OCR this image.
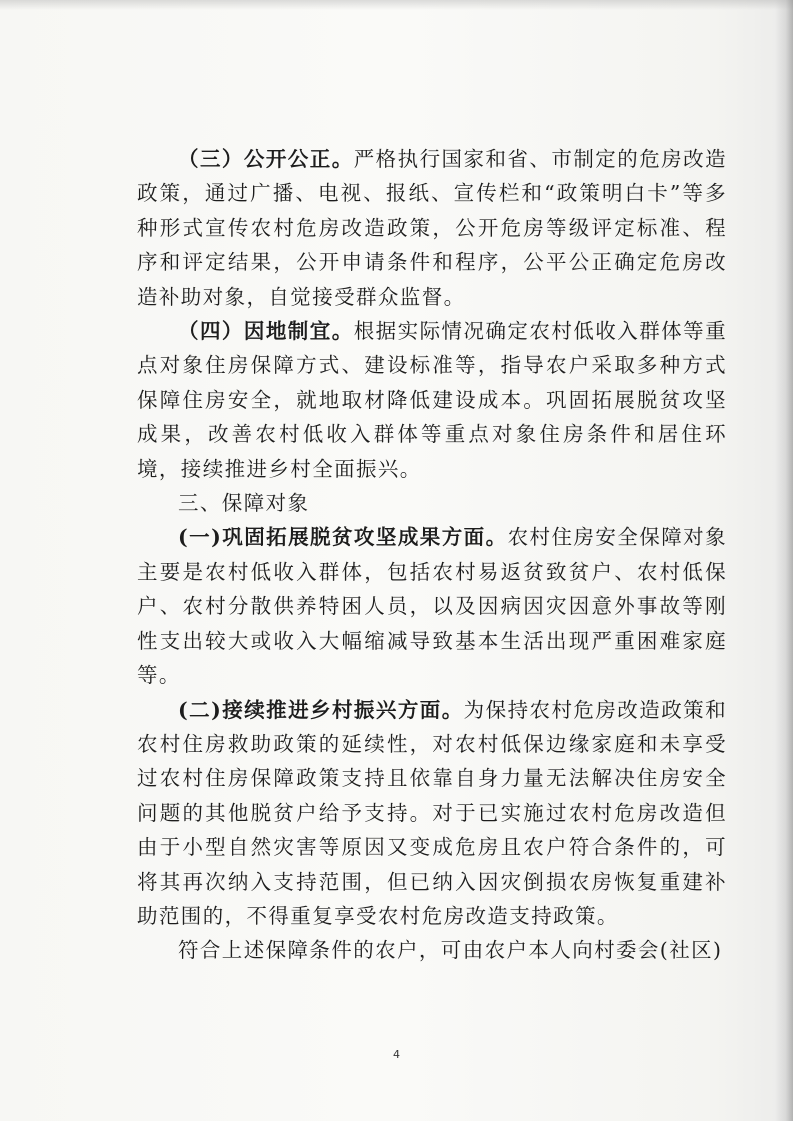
（三）公开公正。严格执行国家和省、市制定的危房改造政策，通过广播、电视、报纸、宣传栏和“政策明白卡”等多种形式宣传农村危房改造政策，公开危房等级评定标准、程序和评定结果，公开申请条件和程序，公平公正确定危房改造补助对象，自觉接受群众监督。

（四）因地制宜。根据实际情况确定农村低收入群体等重点对象住房保障方式、建设标准等，指导农户采取多种方式保障住房安全，就地取材降低建设成本。巩固拓展脱贫攻坚成果，改善农村低收入群体等重点对象住房条件和居住环境，接续推进乡村全面振兴。

三、保障对象

(一)巩固拓展脱贫攻坚成果方面。农村住房安全保障对象主要是农村低收入群体，包括农村易返贫致贫户、农村低保户、农村分散供养特困人员，以及因病因灾因意外事故等刚性支出较大或收入大幅缩减导致基本生活出现严重困难家庭等。

(二)接续推进乡村振兴方面。为保持农村危房改造政策和农村住房救助政策的延续性，对农村低保边缘家庭和未享受过农村住房保障政策支持且依靠自身力量无法解决住房安全问题的其他脱贫户给予支持。对于已实施过农村危房改造但由于小型自然灾害等原因又变成危房且农户符合条件的，可将其再次纳入支持范围，但已纳入因灾倒损农房恢复重建补助范围的，不得重复享受农村危房改造支持政策。

符合上述保障条件的农户，可由农户本人向村委会(社区)

4
